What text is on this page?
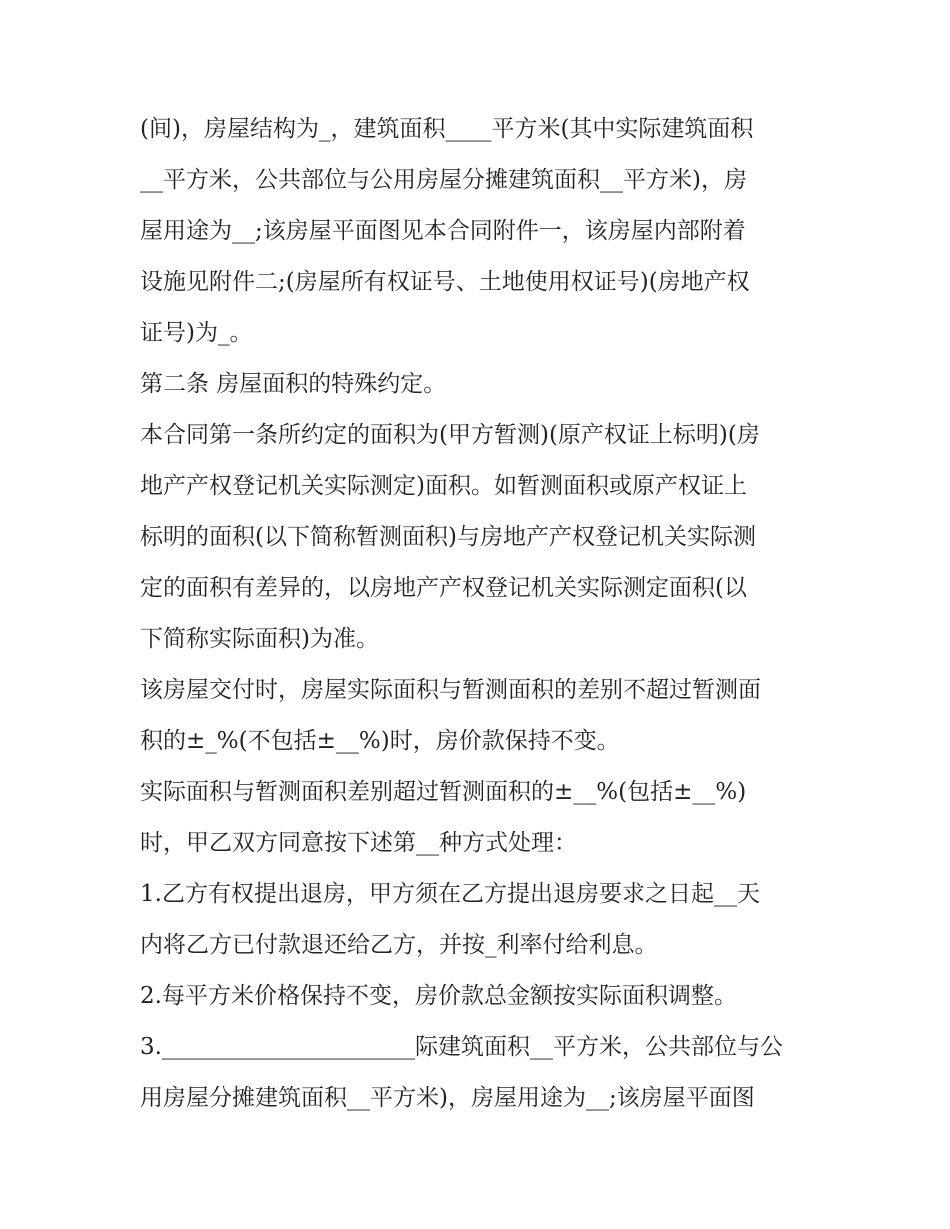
(间)，房屋结构为_，建筑面积____平方米(其中实际建筑面积
__平方米，公共部位与公用房屋分摊建筑面积__平方米)，房
屋用途为__;该房屋平面图见本合同附件一，该房屋内部附着
设施见附件二;(房屋所有权证号、土地使用权证号)(房地产权
证号)为_。
第二条 房屋面积的特殊约定。
本合同第一条所约定的面积为(甲方暂测)(原产权证上标明)(房
地产产权登记机关实际测定)面积。如暂测面积或原产权证上
标明的面积(以下简称暂测面积)与房地产产权登记机关实际测
定的面积有差异的，以房地产产权登记机关实际测定面积(以
下简称实际面积)为准。
该房屋交付时，房屋实际面积与暂测面积的差别不超过暂测面
积的±_%(不包括±__%)时，房价款保持不变。
实际面积与暂测面积差别超过暂测面积的±__%(包括±__%)
时，甲乙双方同意按下述第__种方式处理：
1.乙方有权提出退房，甲方须在乙方提出退房要求之日起__天
内将乙方已付款退还给乙方，并按_利率付给利息。
2.每平方米价格保持不变，房价款总金额按实际面积调整。
3.______________________际建筑面积__平方米，公共部位与公
用房屋分摊建筑面积__平方米)，房屋用途为__;该房屋平面图
